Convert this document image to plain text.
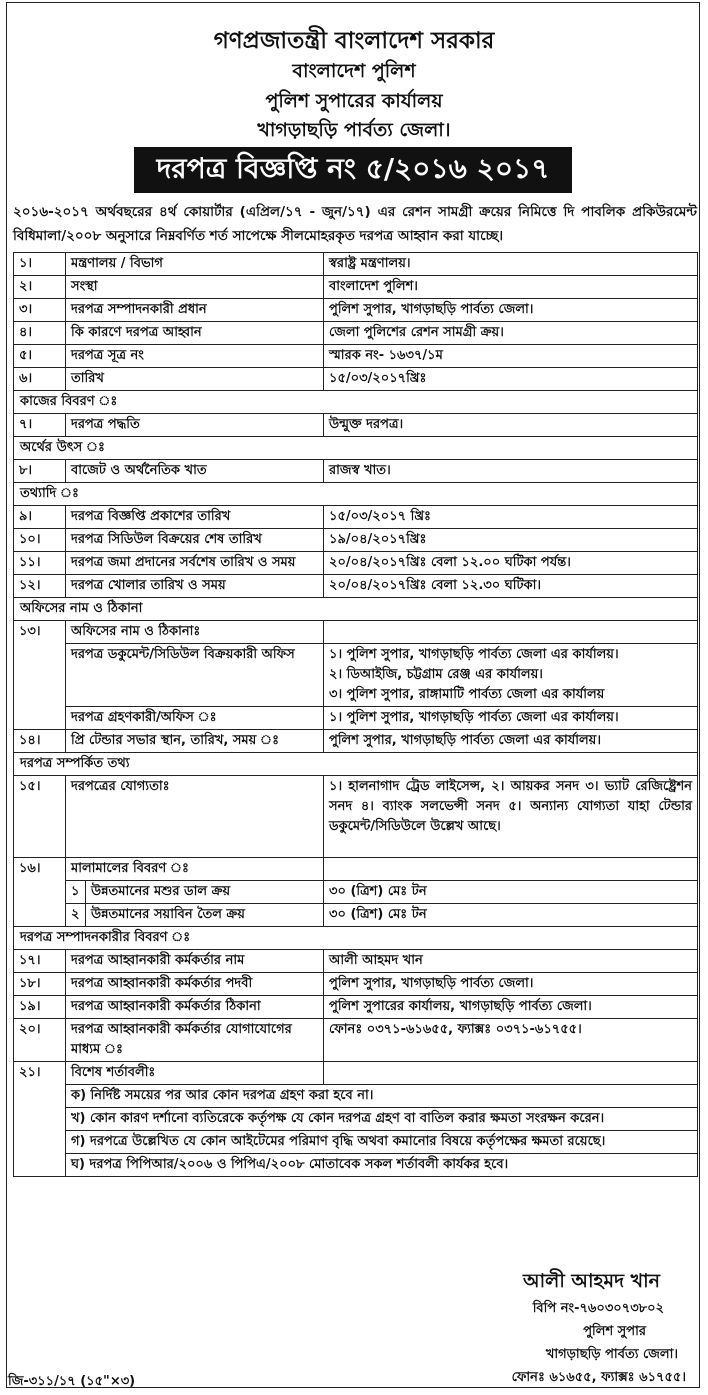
গণপ্রজাতন্ত্রী বাংলাদেশ সরকার
বাংলাদেশ পুলিশ
পুলিশ সুপারের কার্যালয়
খাগড়াছড়ি পার্বত্য জেলা।
দরপত্র বিজ্ঞপ্তি নং ৫/২০১৬ ২০১৭
২০১৬-২০১৭ অর্থবছরের ৪র্থ কোয়ার্টার (এপ্রিল/১৭ - জুন/১৭) এর রেশন সামগ্রী ক্রয়ের নিমিত্তে দি পাবলিক প্রকিউরমেন্ট বিধিমালা/২০০৮ অনুসারে নিম্নবর্ণিত শর্ত সাপেক্ষে সীলমোহরকৃত দরপত্র আহ্বান করা যাচ্ছে।
১।	মন্ত্রণালয় / বিভাগ		স্বরাষ্ট্র মন্ত্রণালয়।
২।	সংস্থা		বাংলাদেশ পুলিশ।
৩।	দরপত্র সম্পাদনকারী প্রধান		পুলিশ সুপার, খাগড়াছড়ি পার্বত্য জেলা।
৪।	কি কারণে দরপত্র আহ্বান		জেলা পুলিশের রেশন সামগ্রী ক্রয়।
৫।	দরপত্র সূত্র নং		স্মারক নং- ১৬৩৭/১ম
৬।	তারিখ		১৫/০৩/২০১৭খ্রিঃ
কাজের বিবরণ ঃ			
৭।	দরপত্র পদ্ধতি		উন্মুক্ত দরপত্র।
অর্থের উৎস ঃ			
৮।	বাজেট ও অর্থনৈতিক খাত		রাজস্ব খাত।
তথ্যাদি ঃ			
৯।	দরপত্র বিজ্ঞপ্তি প্রকাশের তারিখ		১৫/০৩/২০১৭ খ্রিঃ
১০।	দরপত্র সিডিউল বিক্রয়ের শেষ তারিখ		১৯/০৪/২০১৭খ্রিঃ
১১।	দরপত্র জমা প্রদানের সর্বশেষ তারিখ ও সময়		২০/০৪/২০১৭খ্রিঃ বেলা ১২.০০ ঘটিকা পর্যন্ত।
১২।	দরপত্র খোলার তারিখ ও সময়		২০/০৪/২০১৭খ্রিঃ বেলা ১২.৩০ ঘটিকা।
অফিসের নাম ও ঠিকানা			
১৩।	অফিসের নাম ও ঠিকানাঃ		
	দরপত্র ডকুমেন্ট/সিডিউল বিক্রয়কারী অফিস		১। পুলিশ সুপার, খাগড়াছড়ি পার্বত্য জেলা এর কার্যালয়।
২। ডিআইজি, চট্টগ্রাম রেঞ্জ এর কার্যালয়।
৩। পুলিশ সুপার, রাঙ্গামাটি পার্বত্য জেলা এর কার্যালয়

	দরপত্র গ্রহণকারী/অফিস ঃ		১। পুলিশ সুপার, খাগড়াছড়ি পার্বত্য জেলা এর কার্যালয়।
১৪।	প্রি টেন্ডার সভার স্থান, তারিখ, সময় ঃ		পুলিশ সুপার, খাগড়াছড়ি পার্বত্য জেলা এর কার্যালয়।
দরপত্র সম্পর্কিত তথ্য			
১৫।	দরপত্রের যোগ্যতাঃ		১। হালনাগাদ ট্রেড লাইসেন্স, ২। আয়কর সনদ ৩। ভ্যাট রেজিষ্ট্রেশন সনদ ৪। ব্যাংক সলভেন্সী সনদ ৫। অন্যান্য যোগ্যতা যাহা টেন্ডার ডকুমেন্ট/সিডিউলে উল্লেখ আছে।
১৬।	মালামালের বিবরণ ঃ		
	১	উন্নতমানের মশুর ডাল ক্রয়	৩০ (ত্রিশ) মেঃ টন
	২	উন্নতমানের সয়াবিন তৈল ক্রয়	৩০ (ত্রিশ) মেঃ টন
দরপত্র সম্পাদনকারীর বিবরণ ঃ			
১৭।	দরপত্র আহ্বানকারী কর্মকর্তার নাম		আলী আহমদ খান
১৮।	দরপত্র আহ্বানকারী কর্মকর্তার পদবী		পুলিশ সুপার, খাগড়াছড়ি পার্বত্য জেলা।
১৯।	দরপত্র আহ্বানকারী কর্মকর্তার ঠিকানা		পুলিশ সুপারের কার্যালয়, খাগড়াছড়ি পার্বত্য জেলা।
২০।	দরপত্র আহ্বানকারী কর্মকর্তার যোগাযোগের মাধ্যম ঃ		ফোনঃ ০৩৭১-৬১৬৫৫, ফ্যাক্সঃ ০৩৭১-৬১৭৫৫।
২১।	বিশেষ শর্তাবলীঃ		
	ক) নির্দিষ্ট সময়ের পর আর কোন দরপত্র গ্রহণ করা হবে না।		
	খ) কোন কারণ দর্শানো ব্যতিরেকে কর্তৃপক্ষ যে কোন দরপত্র গ্রহণ বা বাতিল করার ক্ষমতা সংরক্ষন করেন।		
	গ) দরপত্রে উল্লেখিত যে কোন আইটেমের পরিমাণ বৃদ্ধি অথবা কমানোর বিষয়ে কর্তৃপক্ষের ক্ষমতা রয়েছে।		
	ঘ) দরপত্র পিপিআর/২০০৬ ও পিপিএ/২০০৮ মোতাবেক সকল শর্তাবলী কার্যকর হবে।		
আলী আহমদ খান
বিপি নং-৭৬০৩০৭৩৮০২
পুলিশ সুপার
খাগড়াছড়ি পার্বত্য জেলা।
ফোনঃ ৬১৬৫৫, ফ্যাক্সঃ ৬১৭৫৫।
জি-৩১১/১৭ (১৫"×৩)
